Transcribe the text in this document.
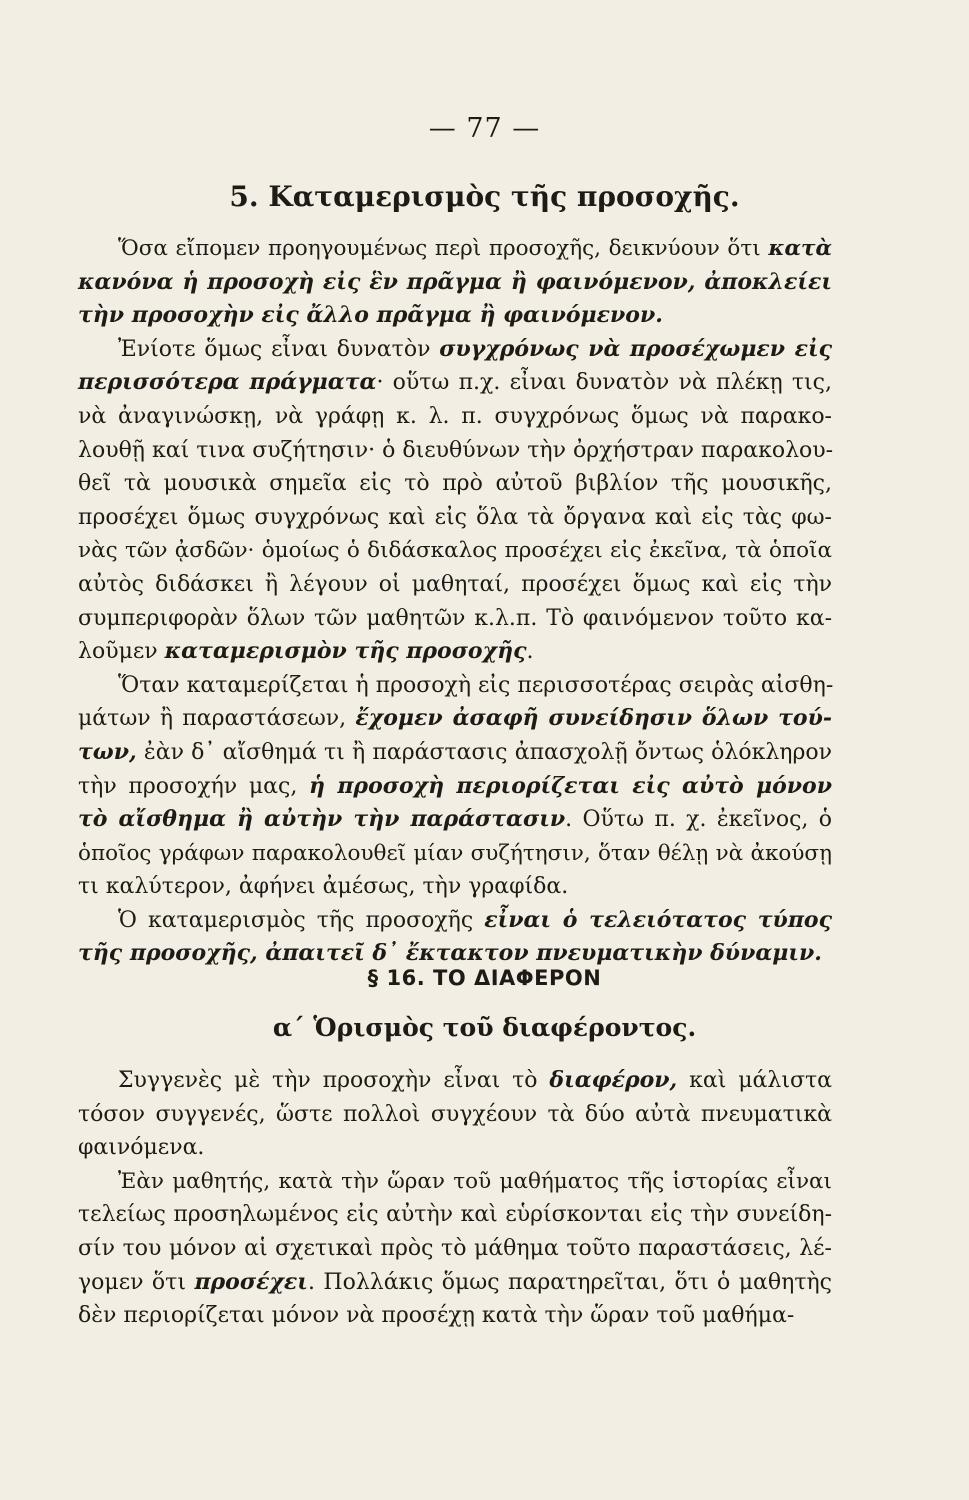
— 77 —
5. Καταμερισμὸς τῆς προσοχῆς.
Ὅσα εἴπομεν προηγουμένως περὶ προσοχῆς, δεικνύουν ὅτι κατὰ
κανόνα ἡ προσοχὴ εἰς ἓν πρᾶγμα ἢ φαινόμενον, ἀποκλείει
τὴν προσοχὴν εἰς ἄλλο πρᾶγμα ἢ φαινόμενον.
Ἐνίοτε ὅμως εἶναι δυνατὸν συγχρόνως νὰ προσέχωμεν εἰς
περισσότερα πράγματα· οὕτω π.χ. εἶναι δυνατὸν νὰ πλέκῃ τις,
νὰ ἀναγινώσκῃ, νὰ γράφῃ κ. λ. π. συγχρόνως ὅμως νὰ παρακο-
λουθῇ καί τινα συζήτησιν· ὁ διευθύνων τὴν ὀρχήστραν παρακολου-
θεῖ τὰ μουσικὰ σημεῖα εἰς τὸ πρὸ αὐτοῦ βιβλίον τῆς μουσικῆς,
προσέχει ὅμως συγχρόνως καὶ εἰς ὅλα τὰ ὄργανα καὶ εἰς τὰς φω-
νὰς τῶν ᾀσδῶν· ὁμοίως ὁ διδάσκαλος προσέχει εἰς ἐκεῖνα, τὰ ὁποῖα
αὐτὸς διδάσκει ἢ λέγουν οἱ μαθηταί, προσέχει ὅμως καὶ εἰς τὴν
συμπεριφορὰν ὅλων τῶν μαθητῶν κ.λ.π. Τὸ φαινόμενον τοῦτο κα-
λοῦμεν καταμερισμὸν τῆς προσοχῆς.
Ὅταν καταμερίζεται ἡ προσοχὴ εἰς περισσοτέρας σειρὰς αἰσθη-
μάτων ἢ παραστάσεων, ἔχομεν ἀσαφῆ συνείδησιν ὅλων τού-
των, ἐὰν δ᾽ αἴσθημά τι ἢ παράστασις ἀπασχολῇ ὄντως ὁλόκληρον
τὴν προσοχήν μας, ἡ προσοχὴ περιορίζεται εἰς αὐτὸ μόνον
τὸ αἴσθημα ἢ αὐτὴν τὴν παράστασιν. Οὕτω π. χ. ἐκεῖνος, ὁ
ὁποῖος γράφων παρακολουθεῖ μίαν συζήτησιν, ὅταν θέλῃ νὰ ἀκούσῃ
τι καλύτερον, ἀφήνει ἀμέσως, τὴν γραφίδα.
Ὁ καταμερισμὸς τῆς προσοχῆς εἶναι ὁ τελειότατος τύπος
τῆς προσοχῆς, ἀπαιτεῖ δ᾽ ἔκτακτον πνευματικὴν δύναμιν.
§ 16. ΤΟ ΔΙΑΦΕΡΟΝ
α΄ Ὁρισμὸς τοῦ διαφέροντος.
Συγγενὲς μὲ τὴν προσοχὴν εἶναι τὸ διαφέρον, καὶ μάλιστα
τόσον συγγενές, ὥστε πολλοὶ συγχέουν τὰ δύο αὐτὰ πνευματικὰ
φαινόμενα.
Ἐὰν μαθητής, κατὰ τὴν ὥραν τοῦ μαθήματος τῆς ἱστορίας εἶναι
τελείως προσηλωμένος εἰς αὐτὴν καὶ εὑρίσκονται εἰς τὴν συνείδη-
σίν του μόνον αἱ σχετικαὶ πρὸς τὸ μάθημα τοῦτο παραστάσεις, λέ-
γομεν ὅτι προσέχει. Πολλάκις ὅμως παρατηρεῖται, ὅτι ὁ μαθητὴς
δὲν περιορίζεται μόνον νὰ προσέχῃ κατὰ τὴν ὥραν τοῦ μαθήμα-
